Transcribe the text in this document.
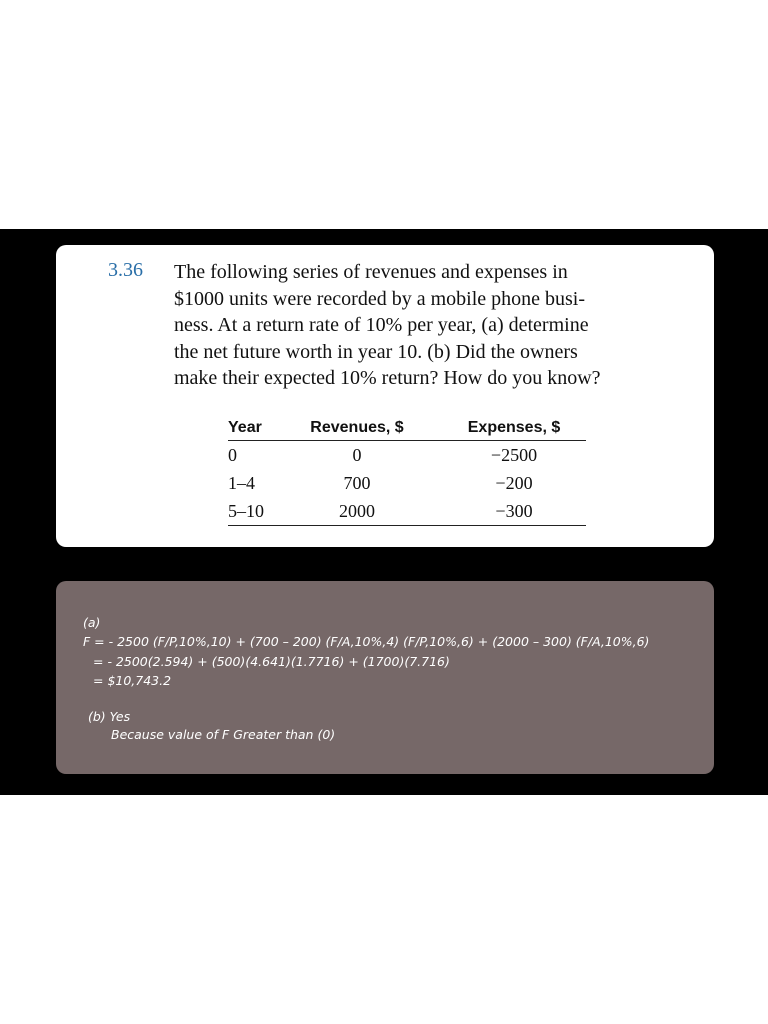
3.36 The following series of revenues and expenses in
$1000 units were recorded by a mobile phone busi-
ness. At a return rate of 10% per year, (a) determine
the net future worth in year 10. (b) Did the owners
make their expected 10% return? How do you know?
Year	Revenues, $	Expenses, $
0	0	−2500
1–4	700	−200
5–10	2000	−300
(a)
F = - 2500 (F/P,10%,10) + (700 – 200) (F/A,10%,4) (F/P,10%,6) + (2000 – 300) (F/A,10%,6)
= - 2500(2.594) + (500)(4.641)(1.7716) + (1700)(7.716)
= $10,743.2
(b) Yes
Because value of F Greater than (0)
